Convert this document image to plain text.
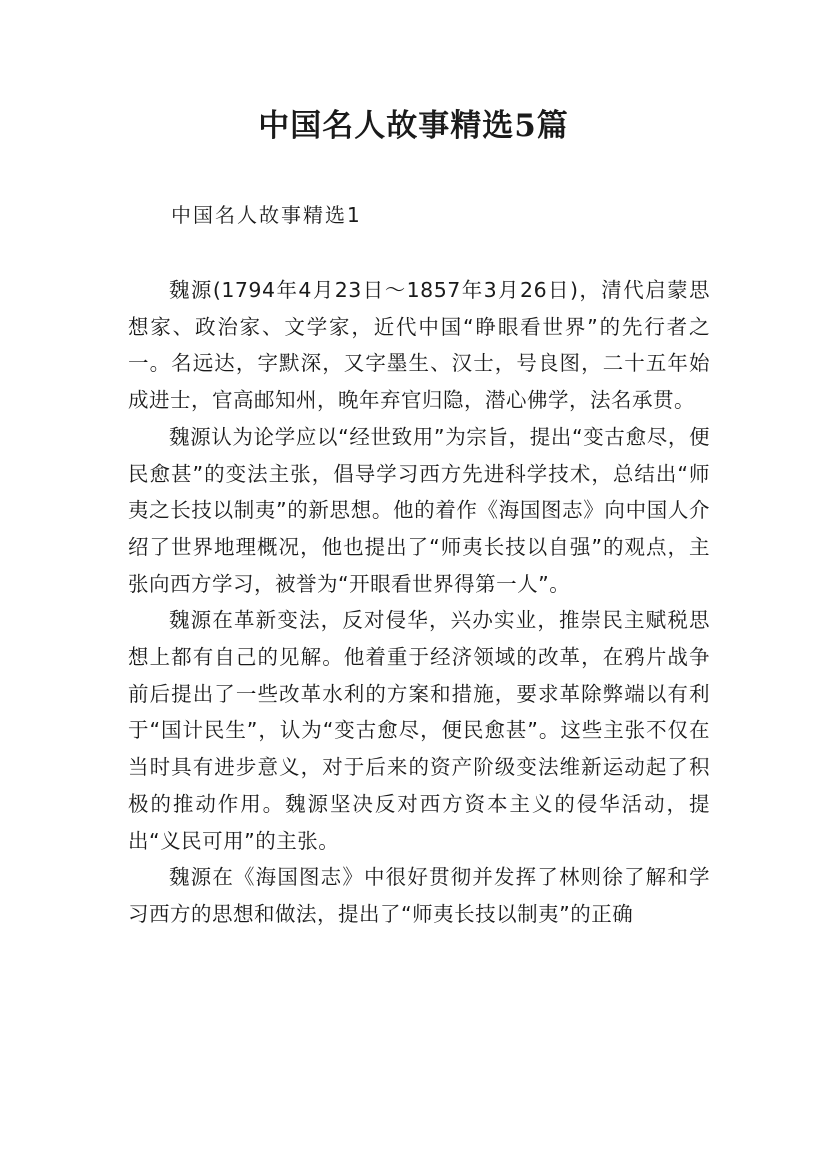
中国名人故事精选5篇
中国名人故事精选1

魏源(1794年4月23日～1857年3月26日)，清代启蒙思想家、政治家、文学家，近代中国“睁眼看世界”的先行者之一。名远达，字默深，又字墨生、汉士，号良图，二十五年始成进士，官高邮知州，晚年弃官归隐，潜心佛学，法名承贯。

魏源认为论学应以“经世致用”为宗旨，提出“变古愈尽，便民愈甚”的变法主张，倡导学习西方先进科学技术，总结出“师夷之长技以制夷”的新思想。他的着作《海国图志》向中国人介绍了世界地理概况，他也提出了“师夷长技以自强”的观点，主张向西方学习，被誉为“开眼看世界得第一人”。

魏源在革新变法，反对侵华，兴办实业，推崇民主赋税思想上都有自己的见解。他着重于经济领域的改革，在鸦片战争前后提出了一些改革水利的方案和措施，要求革除弊端以有利于“国计民生”，认为“变古愈尽，便民愈甚”。这些主张不仅在当时具有进步意义，对于后来的资产阶级变法维新运动起了积极的推动作用。魏源坚决反对西方资本主义的侵华活动，提出“义民可用”的主张。

魏源在《海国图志》中很好贯彻并发挥了林则徐了解和学习西方的思想和做法，提出了“师夷长技以制夷”的正确
